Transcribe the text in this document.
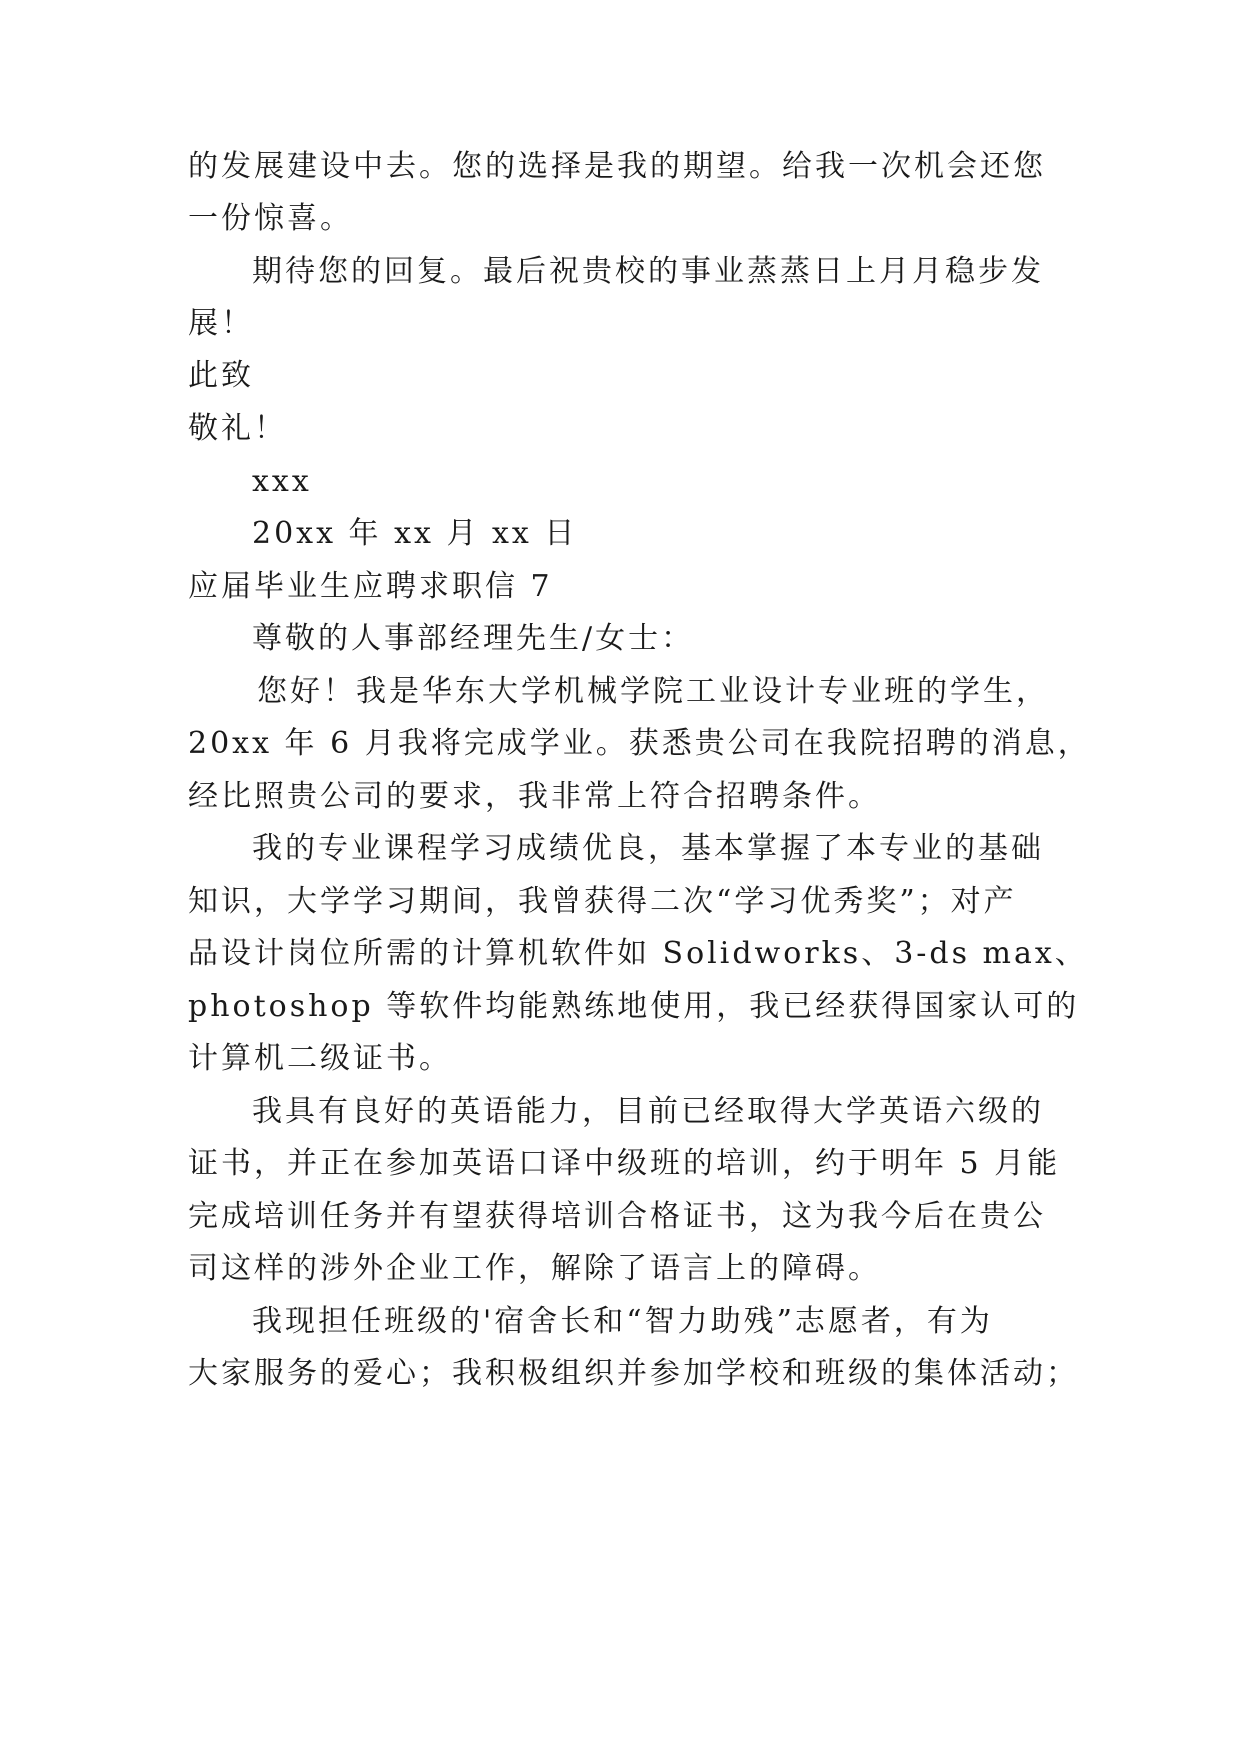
的发展建设中去。您的选择是我的期望。给我一次机会还您
一份惊喜。
期待您的回复。最后祝贵校的事业蒸蒸日上月月稳步发
展！
此致
敬礼！
xxx
20xx 年 xx 月 xx 日
应届毕业生应聘求职信 7
尊敬的人事部经理先生/女士：
您好！我是华东大学机械学院工业设计专业班的学生，
20xx 年 6 月我将完成学业。获悉贵公司在我院招聘的消息，
经比照贵公司的要求，我非常上符合招聘条件。
我的专业课程学习成绩优良，基本掌握了本专业的基础
知识，大学学习期间，我曾获得二次“学习优秀奖”；对产
品设计岗位所需的计算机软件如 Solidworks、3-ds max、
photoshop 等软件均能熟练地使用，我已经获得国家认可的
计算机二级证书。
我具有良好的英语能力，目前已经取得大学英语六级的
证书，并正在参加英语口译中级班的培训，约于明年 5 月能
完成培训任务并有望获得培训合格证书，这为我今后在贵公
司这样的涉外企业工作，解除了语言上的障碍。
我现担任班级的'宿舍长和“智力助残”志愿者，有为
大家服务的爱心；我积极组织并参加学校和班级的集体活动；
